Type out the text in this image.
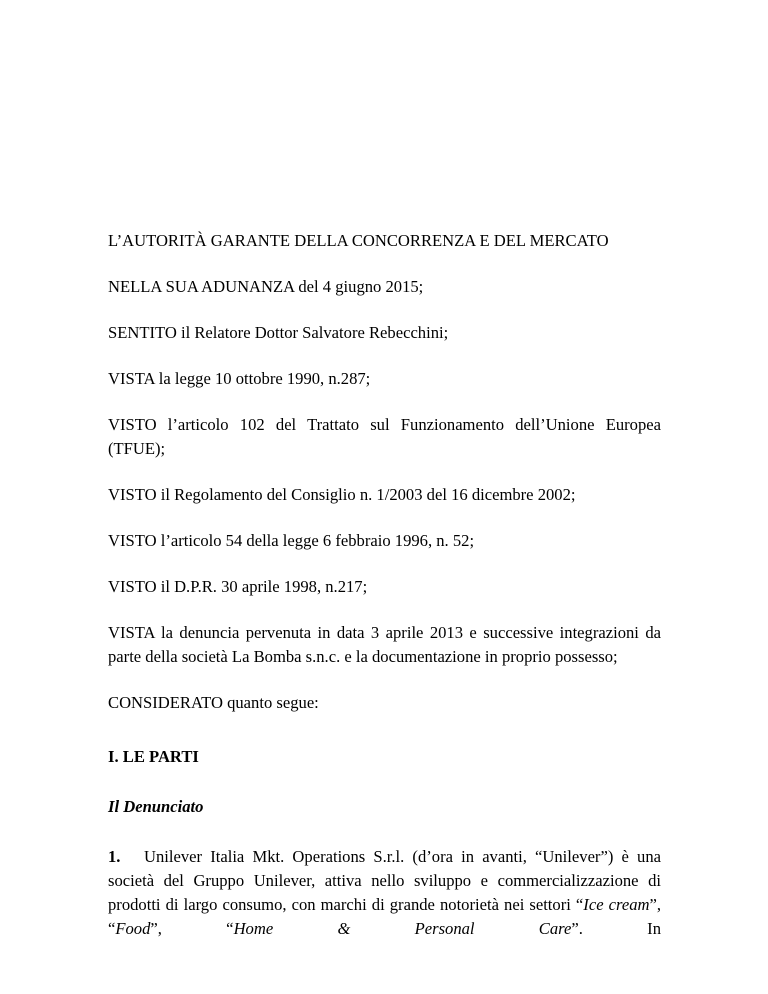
L’AUTORITÀ GARANTE DELLA CONCORRENZA E DEL MERCATO
NELLA SUA ADUNANZA del 4 giugno 2015;
SENTITO il Relatore Dottor Salvatore Rebecchini;
VISTA la legge 10 ottobre 1990, n.287;
VISTO l’articolo 102 del Trattato sul Funzionamento dell’Unione Europea (TFUE);
VISTO il Regolamento del Consiglio n. 1/2003 del 16 dicembre 2002;
VISTO l’articolo 54 della legge 6 febbraio 1996, n. 52;
VISTO il D.P.R. 30 aprile 1998, n.217;
VISTA la denuncia pervenuta in data 3 aprile 2013 e successive integrazioni da parte della società La Bomba s.n.c. e la documentazione in proprio possesso;
CONSIDERATO quanto segue:
I. LE PARTI
Il Denunciato
1. Unilever Italia Mkt. Operations S.r.l. (d’ora in avanti, “Unilever”) è una società del Gruppo Unilever, attiva nello sviluppo e commercializzazione di prodotti di largo consumo, con marchi di grande notorietà nei settori “Ice cream”, “Food”, “Home & Personal Care”. In
